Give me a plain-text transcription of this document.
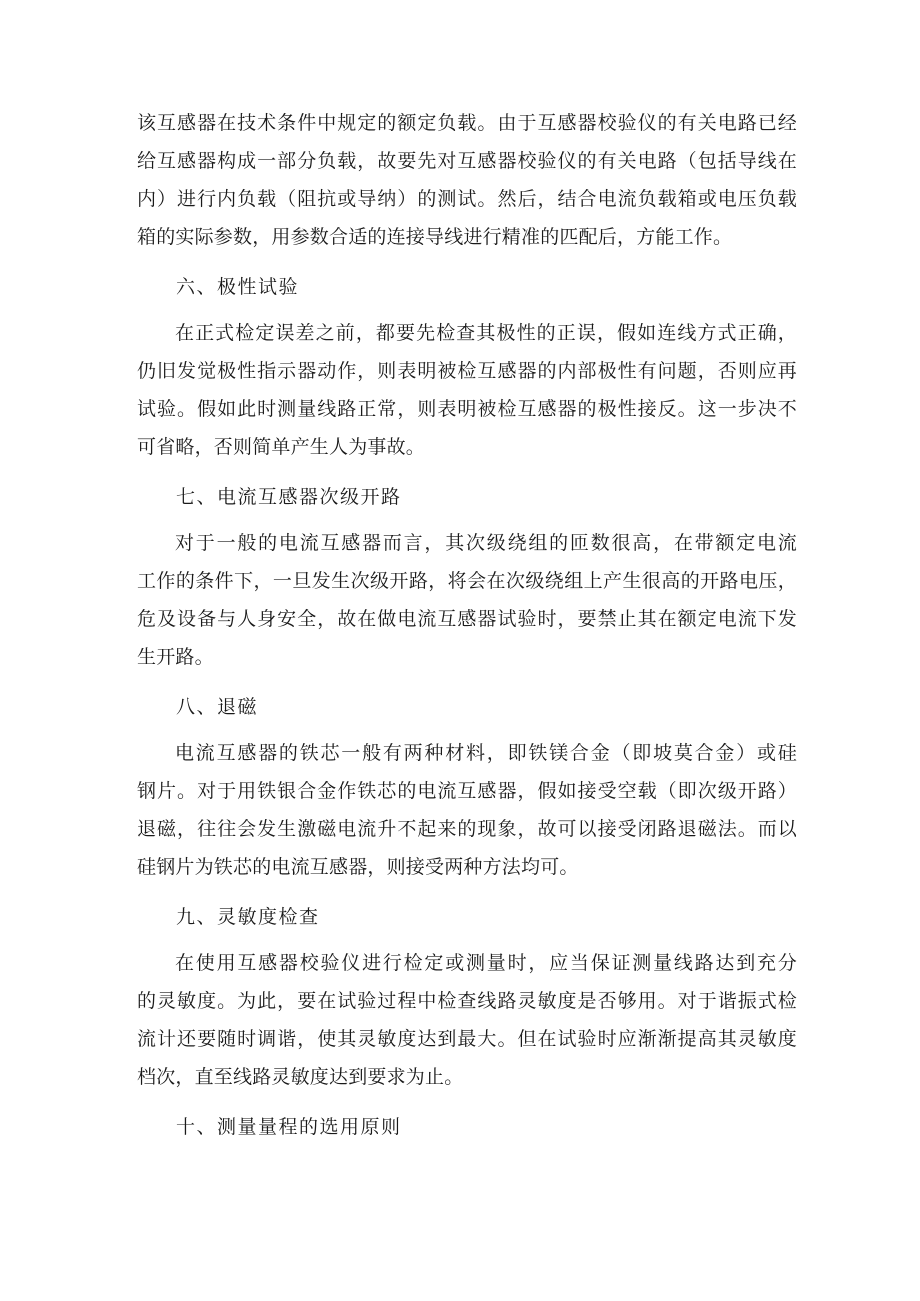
该互感器在技术条件中规定的额定负载。由于互感器校验仪的有关电路已经
给互感器构成一部分负载，故要先对互感器校验仪的有关电路（包括导线在
内）进行内负载（阻抗或导纳）的测试。然后，结合电流负载箱或电压负载
箱的实际参数，用参数合适的连接导线进行精准的匹配后，方能工作。
六、极性试验
在正式检定误差之前，都要先检查其极性的正误，假如连线方式正确，
仍旧发觉极性指示器动作，则表明被检互感器的内部极性有问题，否则应再
试验。假如此时测量线路正常，则表明被检互感器的极性接反。这一步决不
可省略，否则简单产生人为事故。
七、电流互感器次级开路
对于一般的电流互感器而言，其次级绕组的匝数很高，在带额定电流
工作的条件下，一旦发生次级开路，将会在次级绕组上产生很高的开路电压，
危及设备与人身安全，故在做电流互感器试验时，要禁止其在额定电流下发
生开路。
八、退磁
电流互感器的铁芯一般有两种材料，即铁镁合金（即坡莫合金）或硅
钢片。对于用铁银合金作铁芯的电流互感器，假如接受空载（即次级开路）
退磁，往往会发生激磁电流升不起来的现象，故可以接受闭路退磁法。而以
硅钢片为铁芯的电流互感器，则接受两种方法均可。
九、灵敏度检查
在使用互感器校验仪进行检定或测量时，应当保证测量线路达到充分
的灵敏度。为此，要在试验过程中检查线路灵敏度是否够用。对于谐振式检
流计还要随时调谐，使其灵敏度达到最大。但在试验时应渐渐提高其灵敏度
档次，直至线路灵敏度达到要求为止。
十、测量量程的选用原则
